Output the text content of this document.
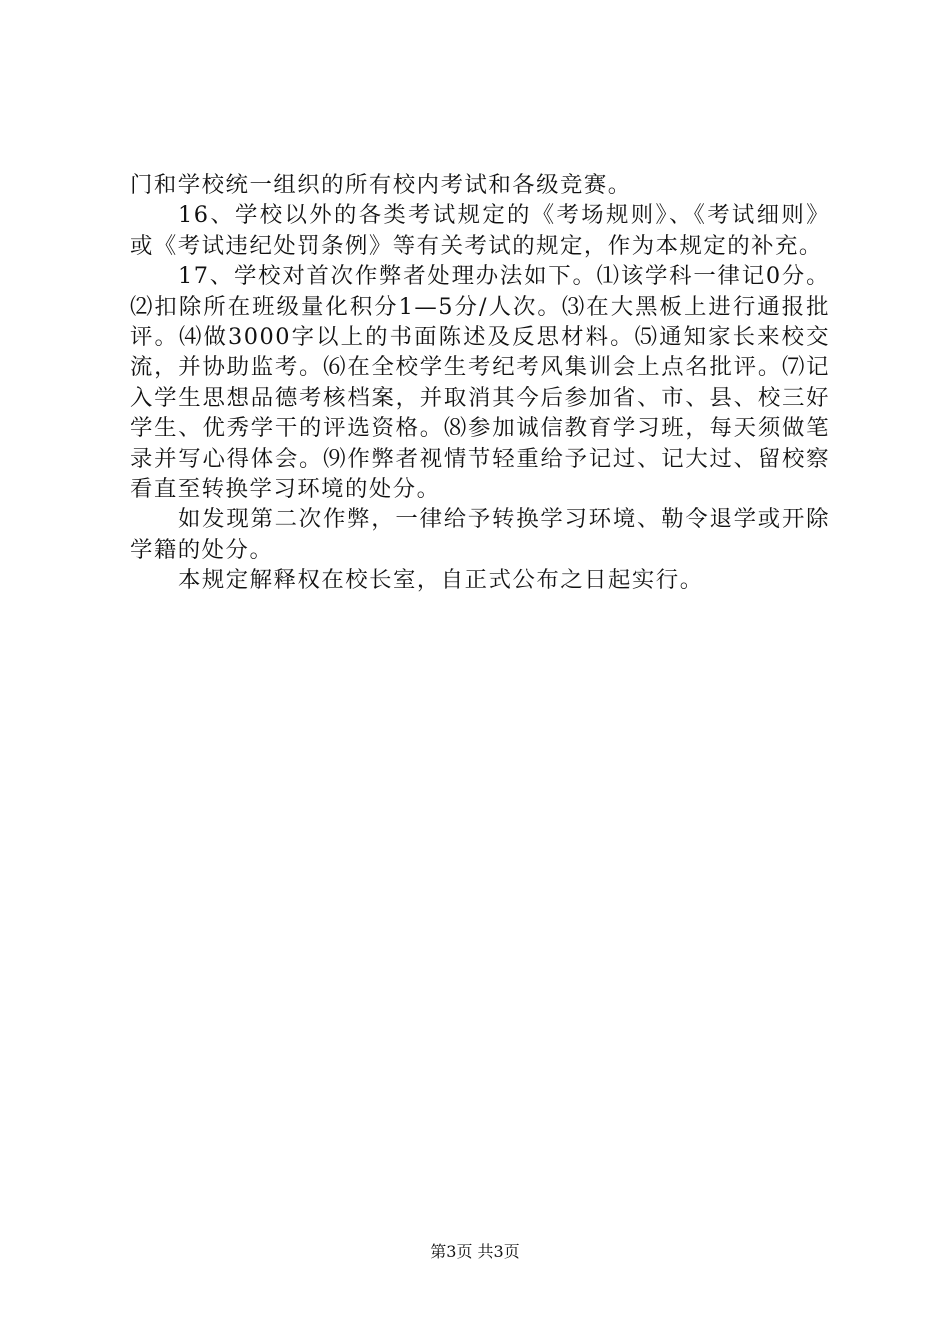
门和学校统一组织的所有校内考试和各级竞赛。

16、学校以外的各类考试规定的《考场规则》、《考试细则》或《考试违纪处罚条例》等有关考试的规定，作为本规定的补充。

17、学校对首次作弊者处理办法如下。⑴该学科一律记0分。⑵扣除所在班级量化积分1—5分/人次。⑶在大黑板上进行通报批评。⑷做3000字以上的书面陈述及反思材料。⑸通知家长来校交流，并协助监考。⑹在全校学生考纪考风集训会上点名批评。⑺记入学生思想品德考核档案，并取消其今后参加省、市、县、校三好学生、优秀学干的评选资格。⑻参加诚信教育学习班，每天须做笔录并写心得体会。⑼作弊者视情节轻重给予记过、记大过、留校察看直至转换学习环境的处分。

如发现第二次作弊，一律给予转换学习环境、勒令退学或开除学籍的处分。

本规定解释权在校长室，自正式公布之日起实行。

第3页 共3页
